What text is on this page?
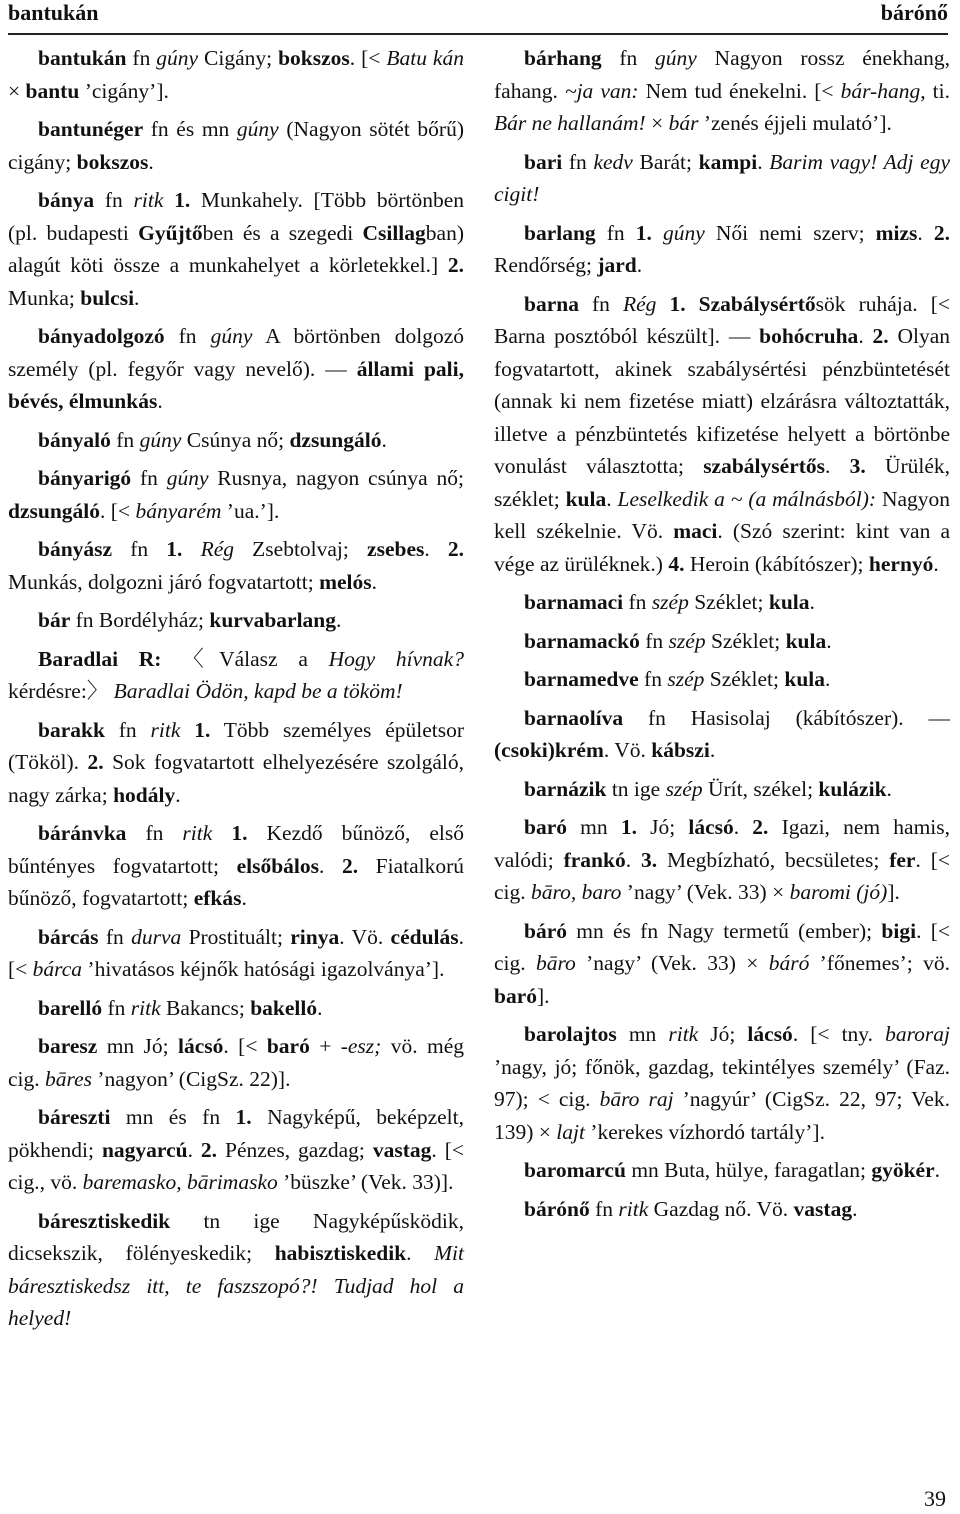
bantukán	bárónő

bantukán fn gúny Cigány; bokszos. [< Batu kán × bantu ’cigány’].

bantunéger fn és mn gúny (Nagyon sötét bőrű) cigány; bokszos.

bánya fn ritk 1. Munkahely. [Több börtönben (pl. budapesti Gyűjtőben és a szegedi Csillagban) alagút köti össze a munkahelyet a körletekkel.] 2. Munka; bulcsi.

bányadolgozó fn gúny A börtönben dolgozó személy (pl. fegyőr vagy nevelő). — állami pali, bévés, élmunkás.

bányaló fn gúny Csúnya nő; dzsungáló.

bányarigó fn gúny Rusnya, nagyon csúnya nő; dzsungáló. [< bányarém ’ua.’].

bányász fn 1. Rég Zsebtolvaj; zsebes. 2. Munkás, dolgozni járó fogvatartott; melós.

bár fn Bordélyház; kurvabarlang.

Baradlai R: 〈Válasz a Hogy hívnak? kérdésre:〉 Baradlai Ödön, kapd be a tököm!

barakk fn ritk 1. Több személyes épületsor (Tököl). 2. Sok fogvatartott elhelyezésére szolgáló, nagy zárka; hodály.

báránvka fn ritk 1. Kezdő bűnöző, első bűntényes fogvatartott; elsőbálos. 2. Fiatalkorú bűnöző, fogvatartott; efkás.

bárcás fn durva Prostituált; rinya. Vö. cédulás. [< bárca ’hivatásos kéjnők hatósági igazolványa’].

barelló fn ritk Bakancs; bakelló.

baresz mn Jó; lácsó. [< baró + -esz; vö. még cig. bāres ’nagyon’ (CigSz. 22)].

báreszti mn és fn 1. Nagyképű, beképzelt, pökhendi; nagyarcú. 2. Pénzes, gazdag; vastag. [< cig., vö. baremasko, bārimasko ’büszke’ (Vek. 33)].

báresztiskedik tn ige Nagyképűsködik, dicsekszik, fölényeskedik; habisztiskedik. Mit báresztiskedsz itt, te faszszopó?! Tudjad hol a helyed!

bárhang fn gúny Nagyon rossz énekhang, fahang. ~ja van: Nem tud énekelni. [< bár-hang, ti. Bár ne hallanám! × bár ’zenés éjjeli mulató’].

bari fn kedv Barát; kampi. Barim vagy! Adj egy cigit!

barlang fn 1. gúny Női nemi szerv; mizs. 2. Rendőrség; jard.

barna fn Rég 1. Szabálysértősök ruhája. [< Barna posztóból készült]. — bohócruha. 2. Olyan fogvatartott, akinek szabálysértési pénzbüntetését (annak ki nem fizetése miatt) elzárásra változtatták, illetve a pénzbüntetés kifizetése helyett a börtönbe vonulást választotta; szabálysértős. 3. Ürülék, széklet; kula. Leselkedik a ~ (a málnásból): Nagyon kell székelnie. Vö. maci. (Szó szerint: kint van a vége az ürüléknek.) 4. Heroin (kábítószer); hernyó.

barnamaci fn szép Széklet; kula.

barnamackó fn szép Széklet; kula.

barnamedve fn szép Széklet; kula.

barnaolíva fn Hasisolaj (kábítószer). — (csoki)krém. Vö. kábszi.

barnázik tn ige szép Ürít, székel; kulázik.

baró mn 1. Jó; lácsó. 2. Igazi, nem hamis, valódi; frankó. 3. Megbízható, becsületes; fer. [< cig. bāro, baro ’nagy’ (Vek. 33) × baromi (jó)].

báró mn és fn Nagy termetű (ember); bigi. [< cig. bāro ’nagy’ (Vek. 33) × báró ’főnemes’; vö. baró].

barolajtos mn ritk Jó; lácsó. [< tny. baroraj ’nagy, jó; főnök, gazdag, tekintélyes személy’ (Faz. 97); < cig. bāro raj ’nagyúr’ (CigSz. 22, 97; Vek. 139) × lajt ’kerekes vízhordó tartály’].

baromarcú mn Buta, hülye, faragatlan; gyökér.

bárónő fn ritk Gazdag nő. Vö. vastag.

39
